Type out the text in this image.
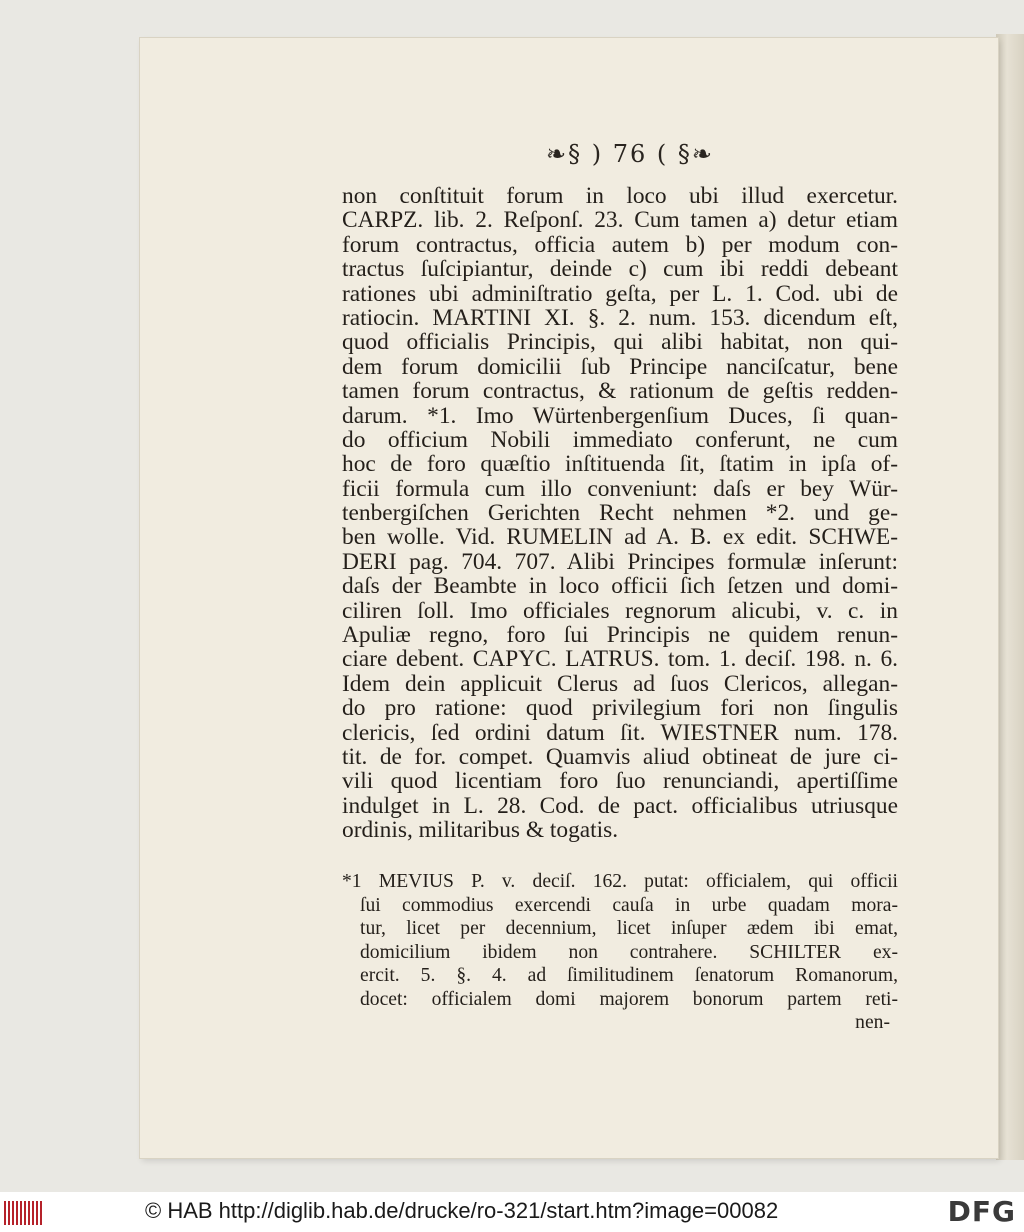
❧§ ) 76 ( §❧
non conſtituit forum in loco ubi illud exercetur.
CARPZ. lib. 2. Reſponſ. 23. Cum tamen a) detur etiam
forum contractus, officia autem b) per modum con-
tractus ſuſcipiantur, deinde c) cum ibi reddi debeant
rationes ubi adminiſtratio geſta, per L. 1. Cod. ubi de
ratiocin. MARTINI XI. §. 2. num. 153. dicendum eſt,
quod officialis Principis, qui alibi habitat, non qui-
dem forum domicilii ſub Principe nanciſcatur, bene
tamen forum contractus, & rationum de geſtis redden-
darum. *1. Imo Würtenbergenſium Duces, ſi quan-
do officium Nobili immediato conferunt, ne cum
hoc de foro quæſtio inſtituenda ſit, ſtatim in ipſa of-
ficii formula cum illo conveniunt: daſs er bey Wür-
tenbergiſchen Gerichten Recht nehmen *2. und ge-
ben wolle. Vid. RUMELIN ad A. B. ex edit. SCHWE-
DERI pag. 704. 707. Alibi Principes formulæ inſerunt:
daſs der Beambte in loco officii ſich ſetzen und domi-
ciliren ſoll. Imo officiales regnorum alicubi, v. c. in
Apuliæ regno, foro ſui Principis ne quidem renun-
ciare debent. CAPYC. LATRUS. tom. 1. deciſ. 198. n. 6.
Idem dein applicuit Clerus ad ſuos Clericos, allegan-
do pro ratione: quod privilegium fori non ſingulis
clericis, ſed ordini datum ſit. WIESTNER num. 178.
tit. de for. compet. Quamvis aliud obtineat de jure ci-
vili quod licentiam foro ſuo renunciandi, apertiſſime
indulget in L. 28. Cod. de pact. officialibus utriusque
ordinis, militaribus & togatis.
*1 MEVIUS P. v. deciſ. 162. putat: officialem, qui officii
ſui commodius exercendi cauſa in urbe quadam mora-
tur, licet per decennium, licet inſuper ædem ibi emat,
domicilium ibidem non contrahere. SCHILTER ex-
ercit. 5. §. 4. ad ſimilitudinem ſenatorum Romanorum,
docet: officialem domi majorem bonorum partem reti-
nen-
© HAB http://diglib.hab.de/drucke/ro-321/start.htm?image=00082	DFG
